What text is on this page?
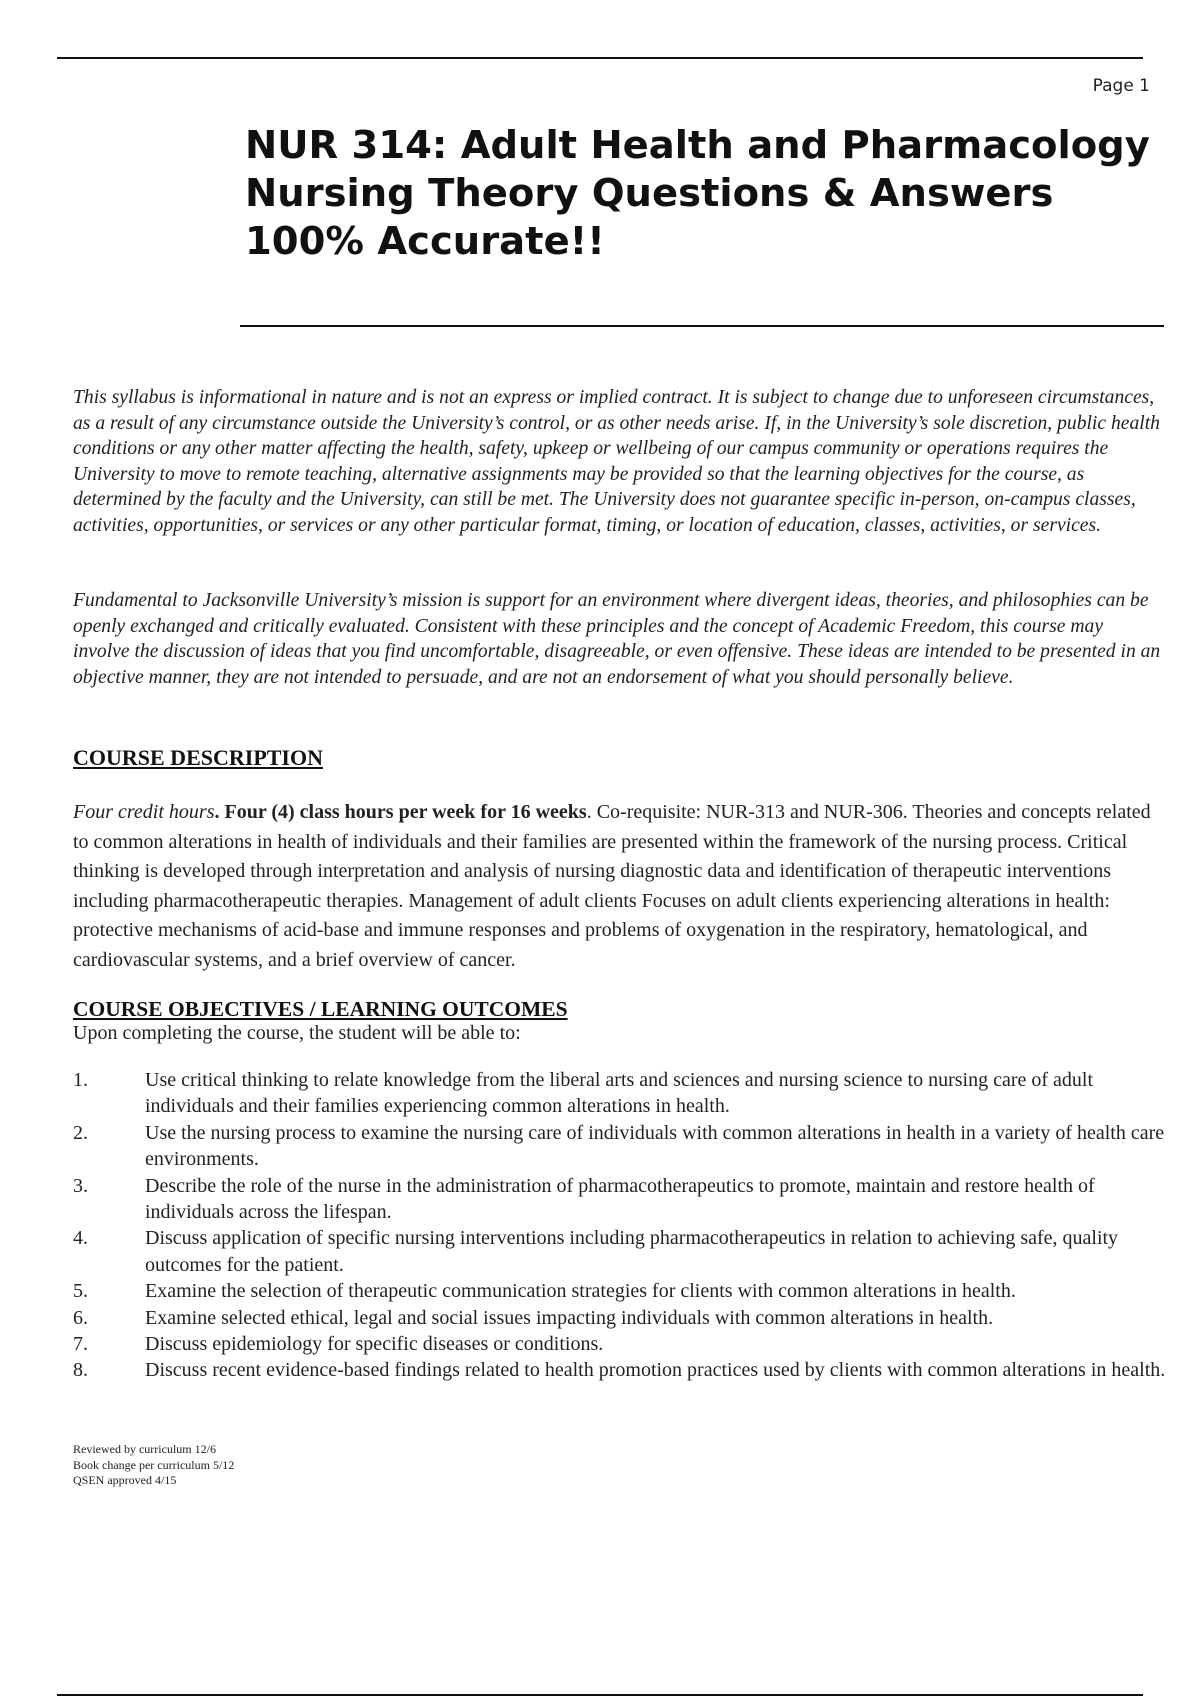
Page 1
NUR 314: Adult Health and Pharmacology Nursing Theory Questions & Answers 100% Accurate!!

This syllabus is informational in nature and is not an express or implied contract. It is subject to change due to unforeseen circumstances, as a result of any circumstance outside the University’s control, or as other needs arise. If, in the University’s sole discretion, public health conditions or any other matter affecting the health, safety, upkeep or wellbeing of our campus community or operations requires the University to move to remote teaching, alternative assignments may be provided so that the learning objectives for the course, as determined by the faculty and the University, can still be met. The University does not guarantee specific in-person, on-campus classes, activities, opportunities, or services or any other particular format, timing, or location of education, classes, activities, or services.

Fundamental to Jacksonville University’s mission is support for an environment where divergent ideas, theories, and philosophies can be openly exchanged and critically evaluated. Consistent with these principles and the concept of Academic Freedom, this course may involve the discussion of ideas that you find uncomfortable, disagreeable, or even offensive. These ideas are intended to be presented in an objective manner, they are not intended to persuade, and are not an endorsement of what you should personally believe.

COURSE DESCRIPTION

Four credit hours. Four (4) class hours per week for 16 weeks. Co-requisite: NUR-313 and NUR-306. Theories and concepts related to common alterations in health of individuals and their families are presented within the framework of the nursing process. Critical thinking is developed through interpretation and analysis of nursing diagnostic data and identification of therapeutic interventions including pharmacotherapeutic therapies. Management of adult clients Focuses on adult clients experiencing alterations in health: protective mechanisms of acid-base and immune responses and problems of oxygenation in the respiratory, hematological, and cardiovascular systems, and a brief overview of cancer.

COURSE OBJECTIVES / LEARNING OUTCOMES

Upon completing the course, the student will be able to:

1.	Use critical thinking to relate knowledge from the liberal arts and sciences and nursing science to nursing care of adult individuals and their families experiencing common alterations in health.
2.	Use the nursing process to examine the nursing care of individuals with common alterations in health in a variety of health care environments.
3.	Describe the role of the nurse in the administration of pharmacotherapeutics to promote, maintain and restore health of individuals across the lifespan.
4.	Discuss application of specific nursing interventions including pharmacotherapeutics in relation to achieving safe, quality outcomes for the patient.
5.	Examine the selection of therapeutic communication strategies for clients with common alterations in health.
6.	Examine selected ethical, legal and social issues impacting individuals with common alterations in health.
7.	Discuss epidemiology for specific diseases or conditions.
8.	Discuss recent evidence-based findings related to health promotion practices used by clients with common alterations in health.
Reviewed by curriculum 12/6
Book change per curriculum 5/12
QSEN approved 4/15
